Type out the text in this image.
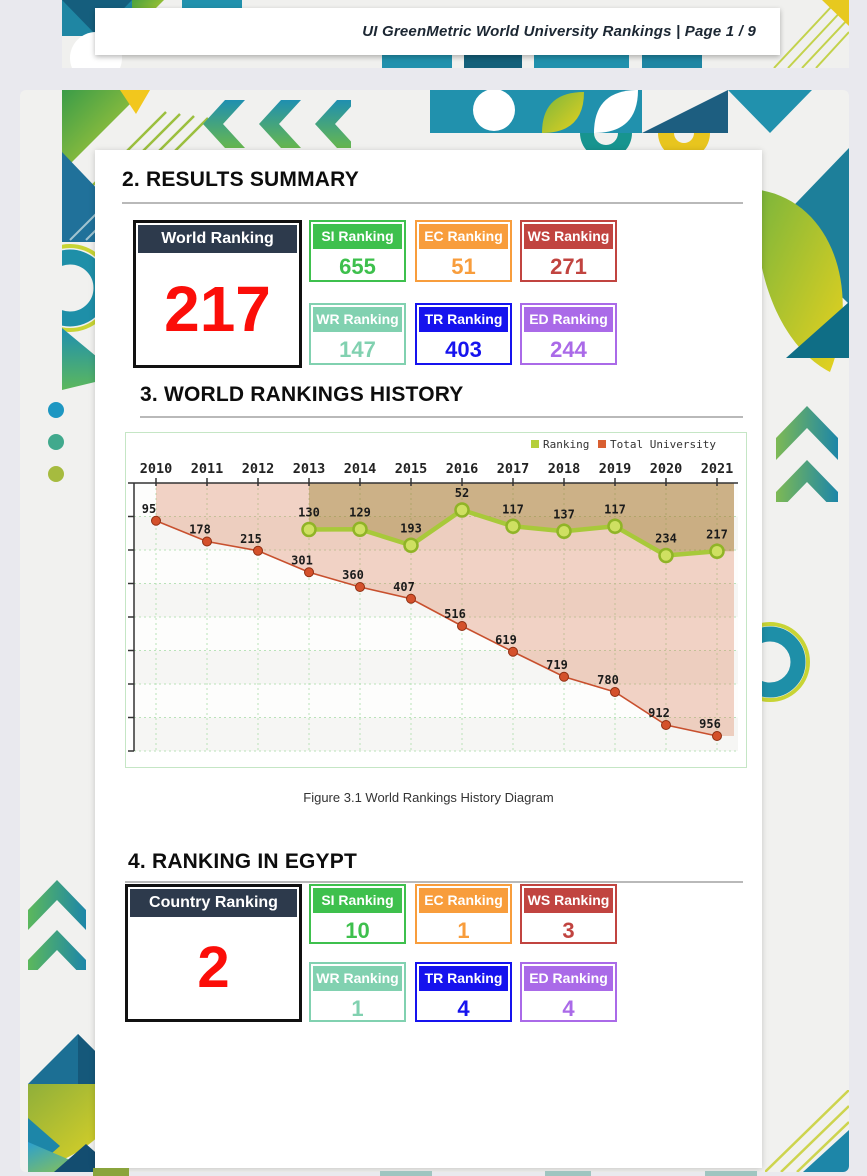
UI GreenMetric World University Rankings | Page 1 / 9
2. RESULTS SUMMARY
World Ranking
217
SI Ranking
655
EC Ranking
51
WS Ranking
271
WR Ranking
147
TR Ranking
403
ED Ranking
244
3. WORLD RANKINGS HISTORY
95
178
215
301
360
407
516
619
719
780
912
956
130 129
193
52
117 137 117
234 217
2010 2011 2012 2013 2014 2015 2016 2017 2018 2019 2020 2021
Ranking Total University
Figure 3.1 World Rankings History Diagram
4. RANKING IN EGYPT
Country Ranking
2
SI Ranking
10
EC Ranking
1
WS Ranking
3
WR Ranking
1
TR Ranking
4
ED Ranking
4
